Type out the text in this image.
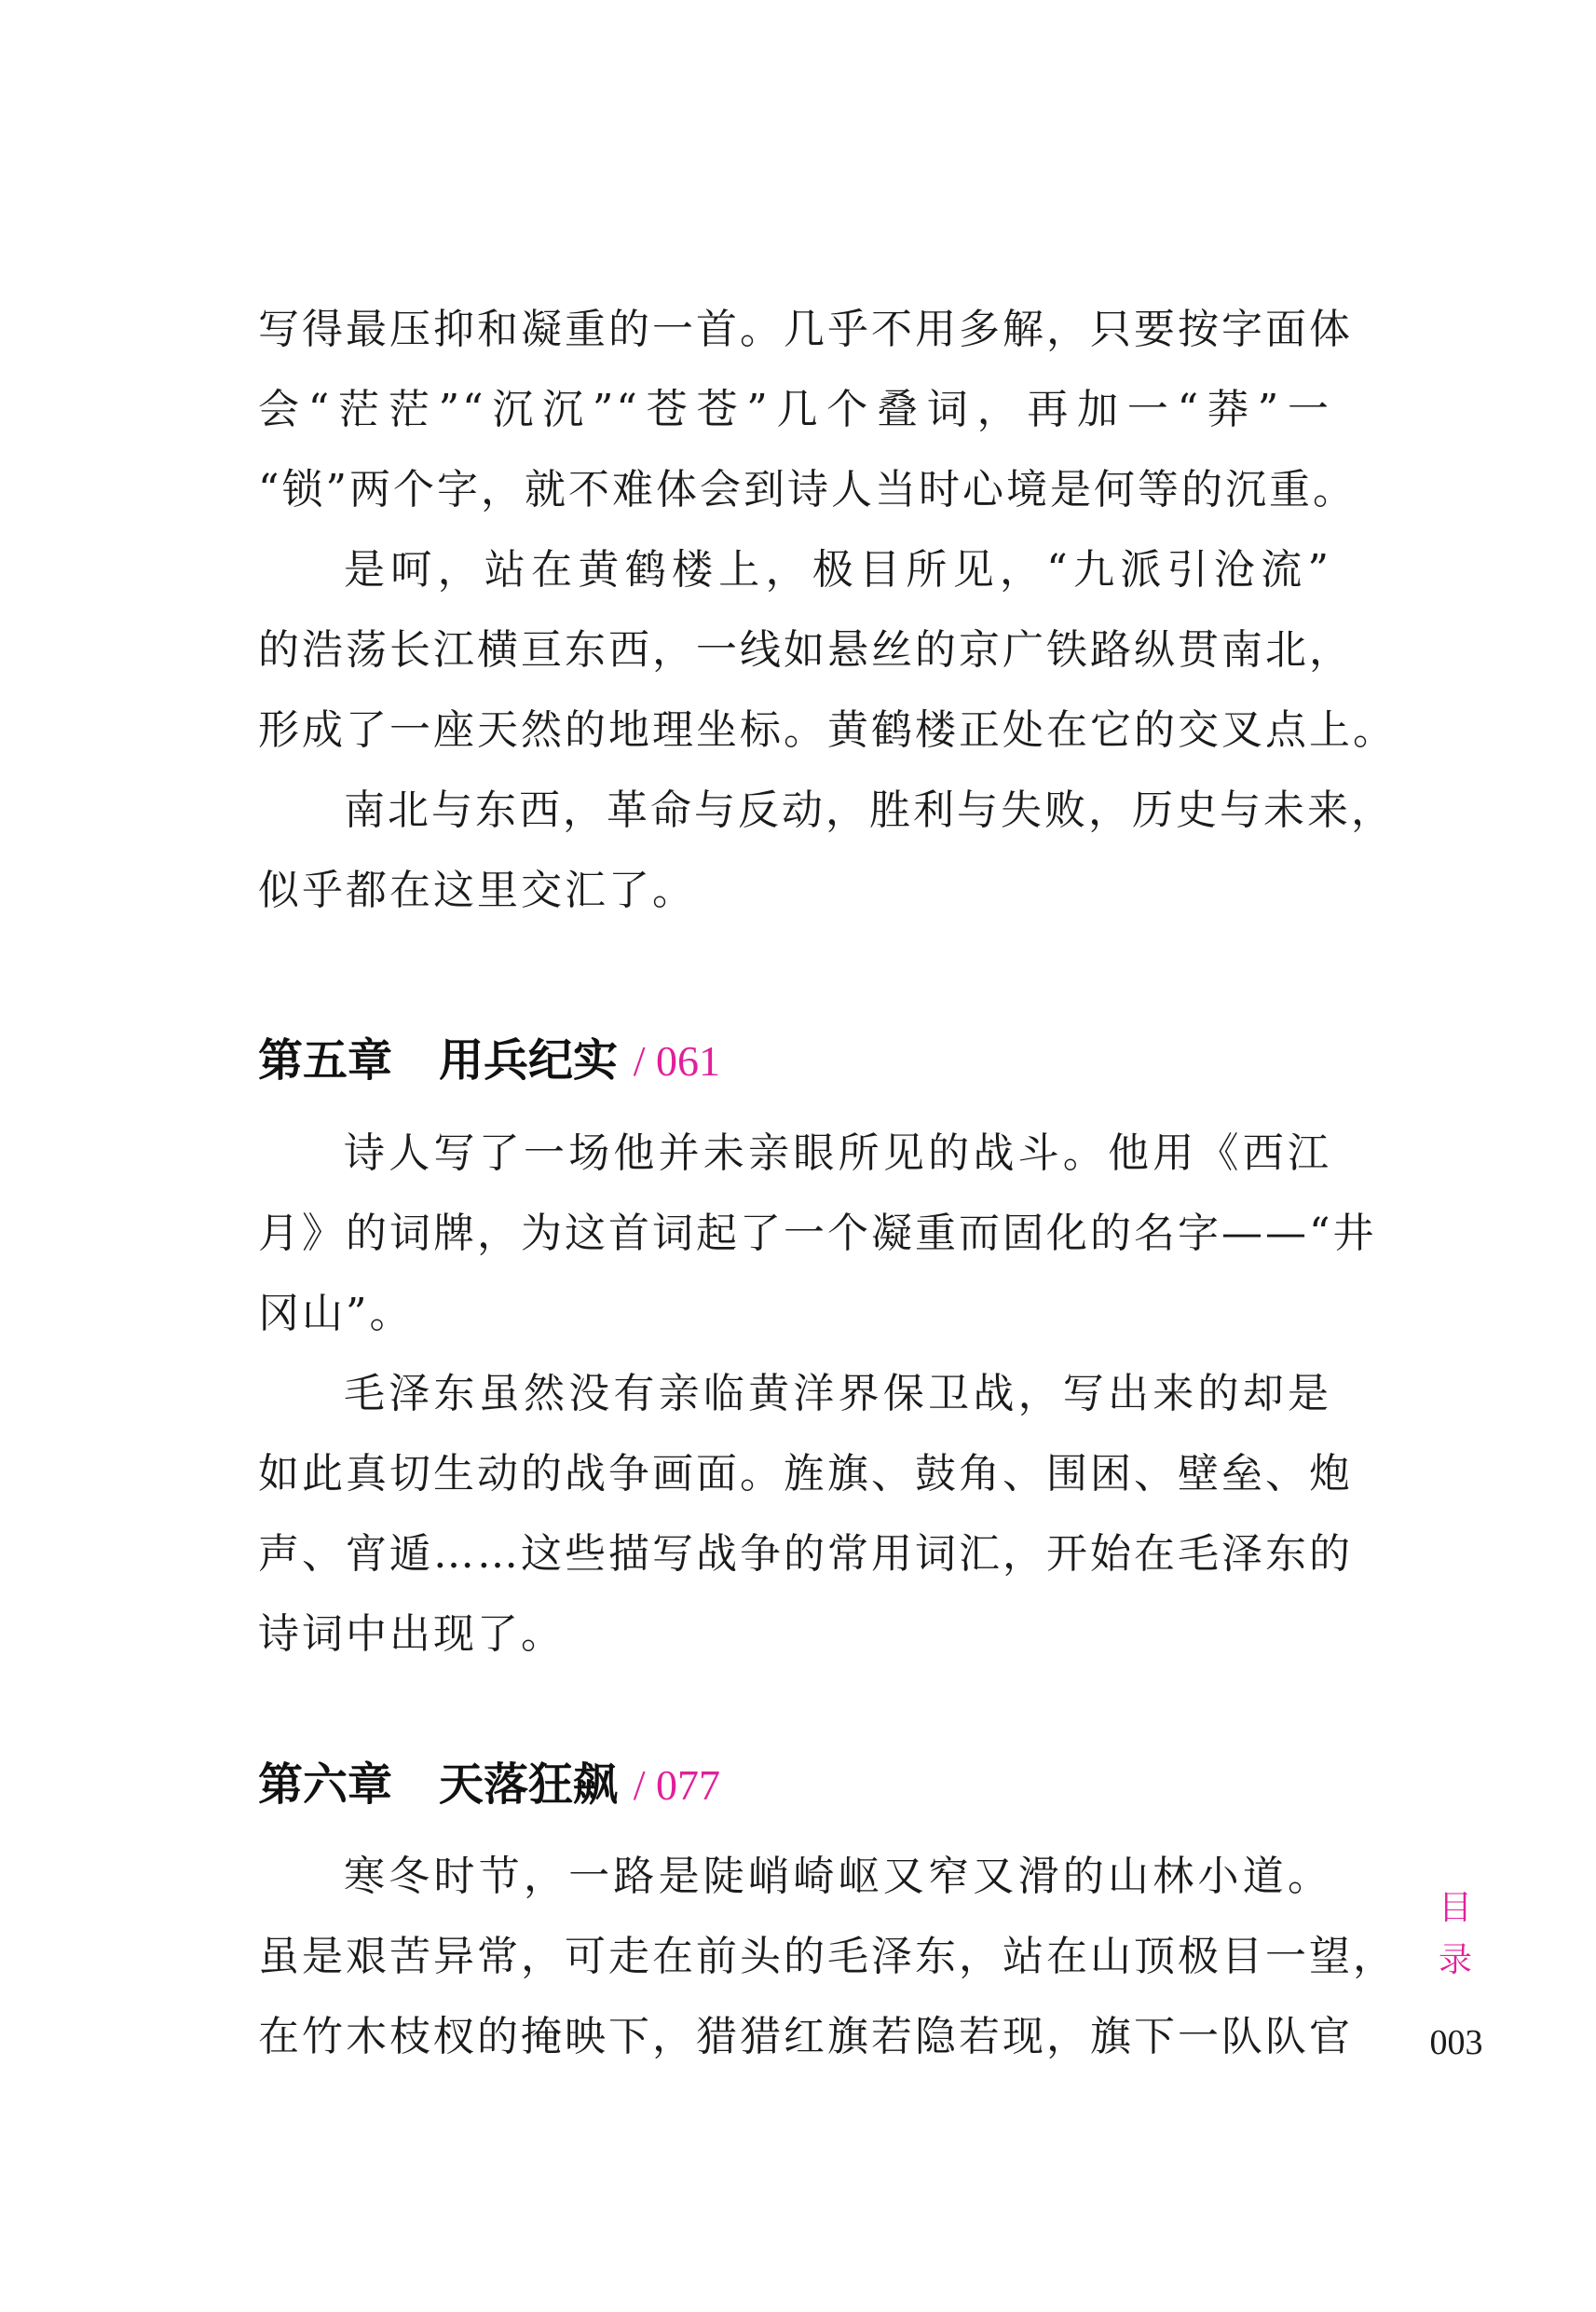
写得最压抑和凝重的一首。几乎不用多解，只要按字面体
会“茫茫”“沉沉”“苍苍”几个叠词，再加一“莽”一
“锁”两个字，就不难体会到诗人当时心境是何等的沉重。
是呵，站在黄鹤楼上，极目所见，“九派引沧流”
的浩荡长江横亘东西，一线如悬丝的京广铁路纵贯南北，
形成了一座天然的地理坐标。黄鹤楼正处在它的交叉点上。
南北与东西，革命与反动，胜利与失败，历史与未来，
似乎都在这里交汇了。
第五章 用兵纪实 / 061
诗人写了一场他并未亲眼所见的战斗。他用《西江
月》的词牌，为这首词起了一个凝重而固化的名字——“井
冈山”。
毛泽东虽然没有亲临黄洋界保卫战，写出来的却是
如此真切生动的战争画面。旌旗、鼓角、围困、壁垒、炮
声、宵遁……这些描写战争的常用词汇，开始在毛泽东的
诗词中出现了。
第六章 天落狂飙 / 077
寒冬时节，一路是陡峭崎岖又窄又滑的山林小道。
虽是艰苦异常，可走在前头的毛泽东，站在山顶极目一望，
在竹木枝杈的掩映下，猎猎红旗若隐若现，旗下一队队官
目
录
003
